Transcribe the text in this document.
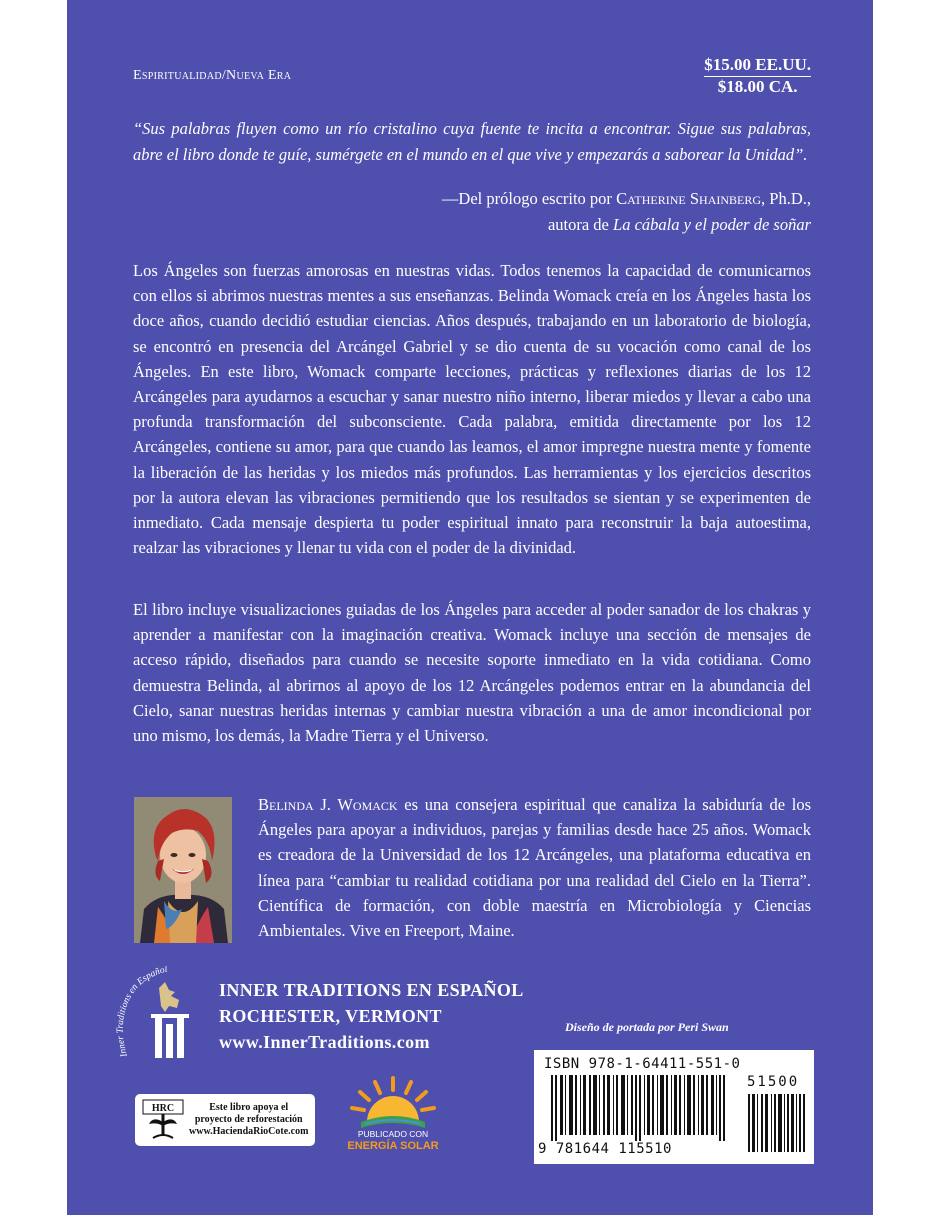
Espiritualidad/Nueva Era
$15.00 EE.UU.
$18.00 CA.
“Sus palabras fluyen como un río cristalino cuya fuente te incita a encontrar. Sigue sus palabras, abre el libro donde te guíe, sumérgete en el mundo en el que vive y empezarás a saborear la Unidad”.
—Del prólogo escrito por Catherine Shainberg, Ph.D.,
autora de La cábala y el poder de soñar

Los Ángeles son fuerzas amorosas en nuestras vidas. Todos tenemos la capacidad de comunicarnos con ellos si abrimos nuestras mentes a sus enseñanzas. Belinda Womack creía en los Ángeles hasta los doce años, cuando decidió estudiar ciencias. Años después, trabajando en un laboratorio de biología, se encontró en presencia del Arcángel Gabriel y se dio cuenta de su vocación como canal de los Ángeles. En este libro, Womack comparte lecciones, prácticas y reflexiones diarias de los 12 Arcángeles para ayudarnos a escuchar y sanar nuestro niño interno, liberar miedos y llevar a cabo una profunda transformación del subconsciente. Cada palabra, emitida directamente por los 12 Arcángeles, contiene su amor, para que cuando las leamos, el amor impregne nuestra mente y fomente la liberación de las heridas y los miedos más profundos. Las herramientas y los ejercicios descritos por la autora elevan las vibraciones permitiendo que los resultados se sientan y se experimenten de inmediato. Cada mensaje despierta tu poder espiritual innato para reconstruir la baja autoestima, realzar las vibraciones y llenar tu vida con el poder de la divinidad.

El libro incluye visualizaciones guiadas de los Ángeles para acceder al poder sanador de los chakras y aprender a manifestar con la imaginación creativa. Womack incluye una sección de mensajes de acceso rápido, diseñados para cuando se necesite soporte inmediato en la vida cotidiana. Como demuestra Belinda, al abrirnos al apoyo de los 12 Arcángeles podemos entrar en la abundancia del Cielo, sanar nuestras heridas internas y cambiar nuestra vibración a una de amor incondicional por uno mismo, los demás, la Madre Tierra y el Universo.

Belinda J. Womack es una consejera espiritual que canaliza la sabiduría de los Ángeles para apoyar a individuos, parejas y familias desde hace 25 años. Womack es creadora de la Universidad de los 12 Arcángeles, una plataforma educativa en línea para “cambiar tu realidad cotidiana por una realidad del Cielo en la Tierra”. Científica de formación, con doble maestría en Microbiología y Ciencias Ambientales. Vive en Freeport, Maine.

Inner Traditions en Español
INNER TRADITIONS EN ESPAÑOL
ROCHESTER, VERMONT
www.InnerTraditions.com
Diseño de portada por Peri Swan
HRC	Este libro apoya el
proyecto de reforestación
www.HaciendaRioCote.com	PUBLICADO CON
ENERGÍA SOLAR
ISBN 978-1-64411-551-0
51500
9 781644 115510
